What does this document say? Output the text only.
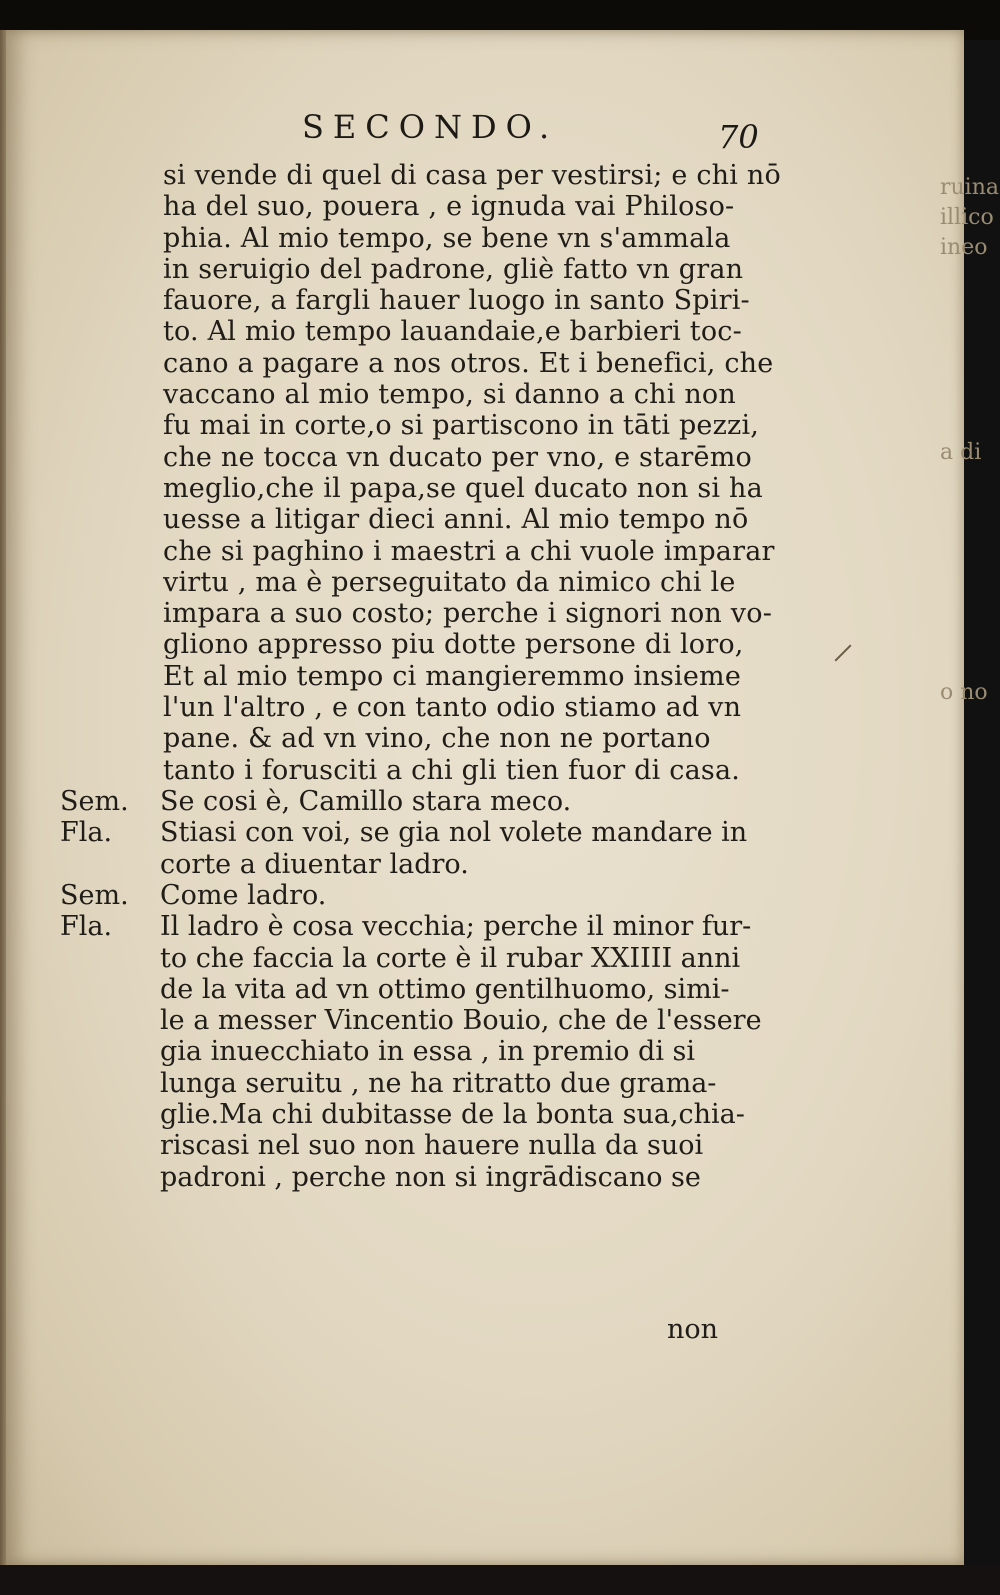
ruina
illico
ineo
a di
o no
SECONDO.	70
si vende di quel di casa per vestirsi; e chi nō
ha del suo, pouera , e ignuda vai Philoso-
phia. Al mio tempo, se bene vn s'ammala
in seruigio del padrone, gliè fatto vn gran
fauore, a fargli hauer luogo in santo Spiri-
to. Al mio tempo lauandaie,e barbieri toc-
cano a pagare a nos otros. Et i benefici, che
vaccano al mio tempo, si danno a chi non
fu mai in corte,o si partiscono in tāti pezzi,
che ne tocca vn ducato per vno, e starēmo
meglio,che il papa,se quel ducato non si ha
uesse a litigar dieci anni. Al mio tempo nō
che si paghino i maestri a chi vuole imparar
virtu , ma è perseguitato da nimico chi le
impara a suo costo; perche i signori non vo-
gliono appresso piu dotte persone di loro,
Et al mio tempo ci mangieremmo insieme
l'un l'altro , e con tanto odio stiamo ad vn
pane. & ad vn vino, che non ne portano
tanto i forusciti a chi gli tien fuor di casa.
Sem. Se cosi è, Camillo stara meco.
Fla. Stiasi con voi, se gia nol volete mandare in
corte a diuentar ladro.
Sem. Come ladro.
Fla. Il ladro è cosa vecchia; perche il minor fur-
to che faccia la corte è il rubar XXIIII anni
de la vita ad vn ottimo gentilhuomo, simi-
le a messer Vincentio Bouio, che de l'essere
gia inuecchiato in essa , in premio di si
lunga seruitu , ne ha ritratto due grama-
glie.Ma chi dubitasse de la bonta sua,chia-
riscasi nel suo non hauere nulla da suoi
padroni , perche non si ingrādiscano se
non
